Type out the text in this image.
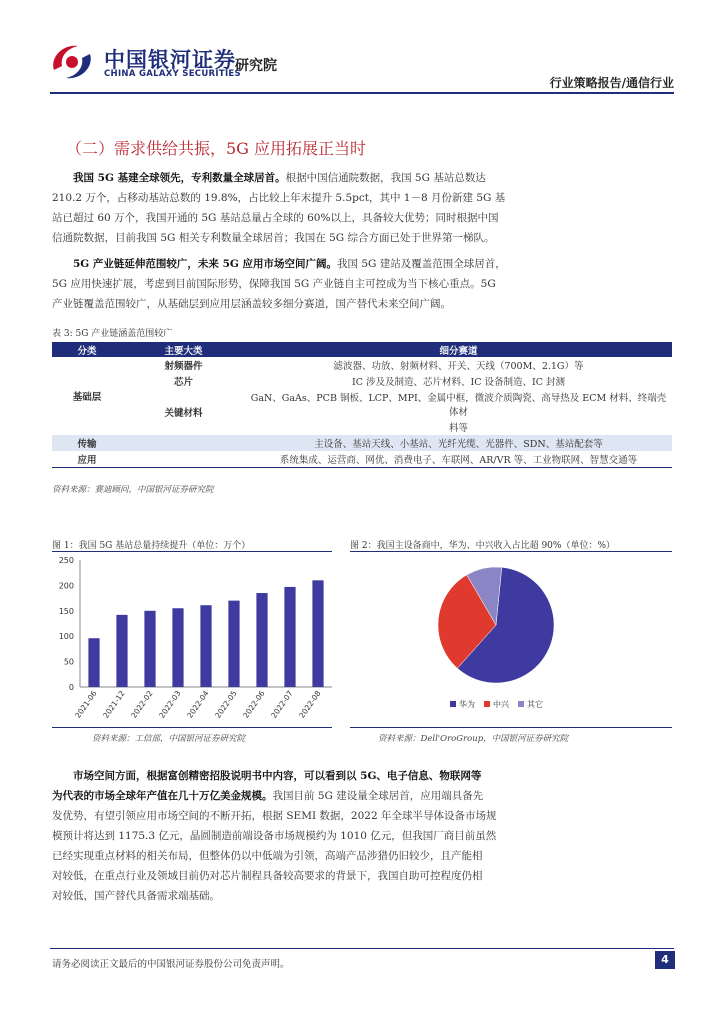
中国银河证券
CHINA GALAXY SECURITIES
研究院
行业策略报告/通信行业
（二）需求供给共振，5G 应用拓展正当时
我国 5G 基建全球领先，专利数量全球居首。根据中国信通院数据，我国 5G 基站总数达
210.2 万个，占移动基站总数的 19.8%，占比较上年末提升 5.5pct，其中 1－8 月份新建 5G 基
站已超过 60 万个，我国开通的 5G 基站总量占全球的 60%以上，具备较大优势；同时根据中国
信通院数据，目前我国 5G 相关专利数量全球居首；我国在 5G 综合方面已处于世界第一梯队。
5G 产业链延伸范围较广，未来 5G 应用市场空间广阔。我国 5G 建站及覆盖范围全球居首，
5G 应用快速扩展，考虑到目前国际形势，保障我国 5G 产业链自主可控成为当下核心重点。5G
产业链覆盖范围较广，从基础层到应用层涵盖较多细分赛道，国产替代未来空间广阔。
表 3: 5G 产业链涵盖范围较广
分类	主要大类	细分赛道
基础层	射频器件	滤波器、功放、射频材料、开关、天线（700M、2.1G）等
	芯片	IC 涉及及制造、芯片材料、IC 设备制造、IC 封测
	关键材料	GaN、GaAs、PCB 铜板、LCP、MPI、金属中框，微波介质陶瓷、高导热及 ECM 材料、终端壳体材
		料等
传输		主设备、基站天线、小基站、光纤光缆、光器件、SDN、基站配套等
应用		系统集成、运营商、网优、消费电子、车联网、AR/VR 等、工业物联网、智慧交通等
资料来源：赛迪顾问，中国银河证券研究院
图 1：我国 5G 基站总量持续提升（单位：万个）
0
50
100
150
200
250
2021-06 2021-12 2022-02 2022-03 2022-04 2022-05 2022-06 2022-07 2022-08
资料来源：工信部，中国银河证券研究院
图 2：我国主设备商中，华为、中兴收入占比超 90%（单位：%）
华为 中兴 其它
资料来源：Dell'OroGroup，中国银河证券研究院
市场空间方面，根据富创精密招股说明书中内容，可以看到以 5G、电子信息、物联网等
为代表的市场全球年产值在几十万亿美金规模。我国目前 5G 建设量全球居首，应用端具备先
发优势，有望引领应用市场空间的不断开拓，根据 SEMI 数据，2022 年全球半导体设备市场规
模预计将达到 1175.3 亿元，晶圆制造前端设备市场规模约为 1010 亿元，但我国厂商目前虽然
已经实现重点材料的相关布局，但整体仍以中低端为引领，高端产品涉猎仍旧较少，且产能相
对较低，在重点行业及领域目前仍对芯片制程具备较高要求的背景下，我国自助可控程度仍相
对较低，国产替代具备需求端基础。
请务必阅读正文最后的中国银河证券股份公司免责声明。	4
